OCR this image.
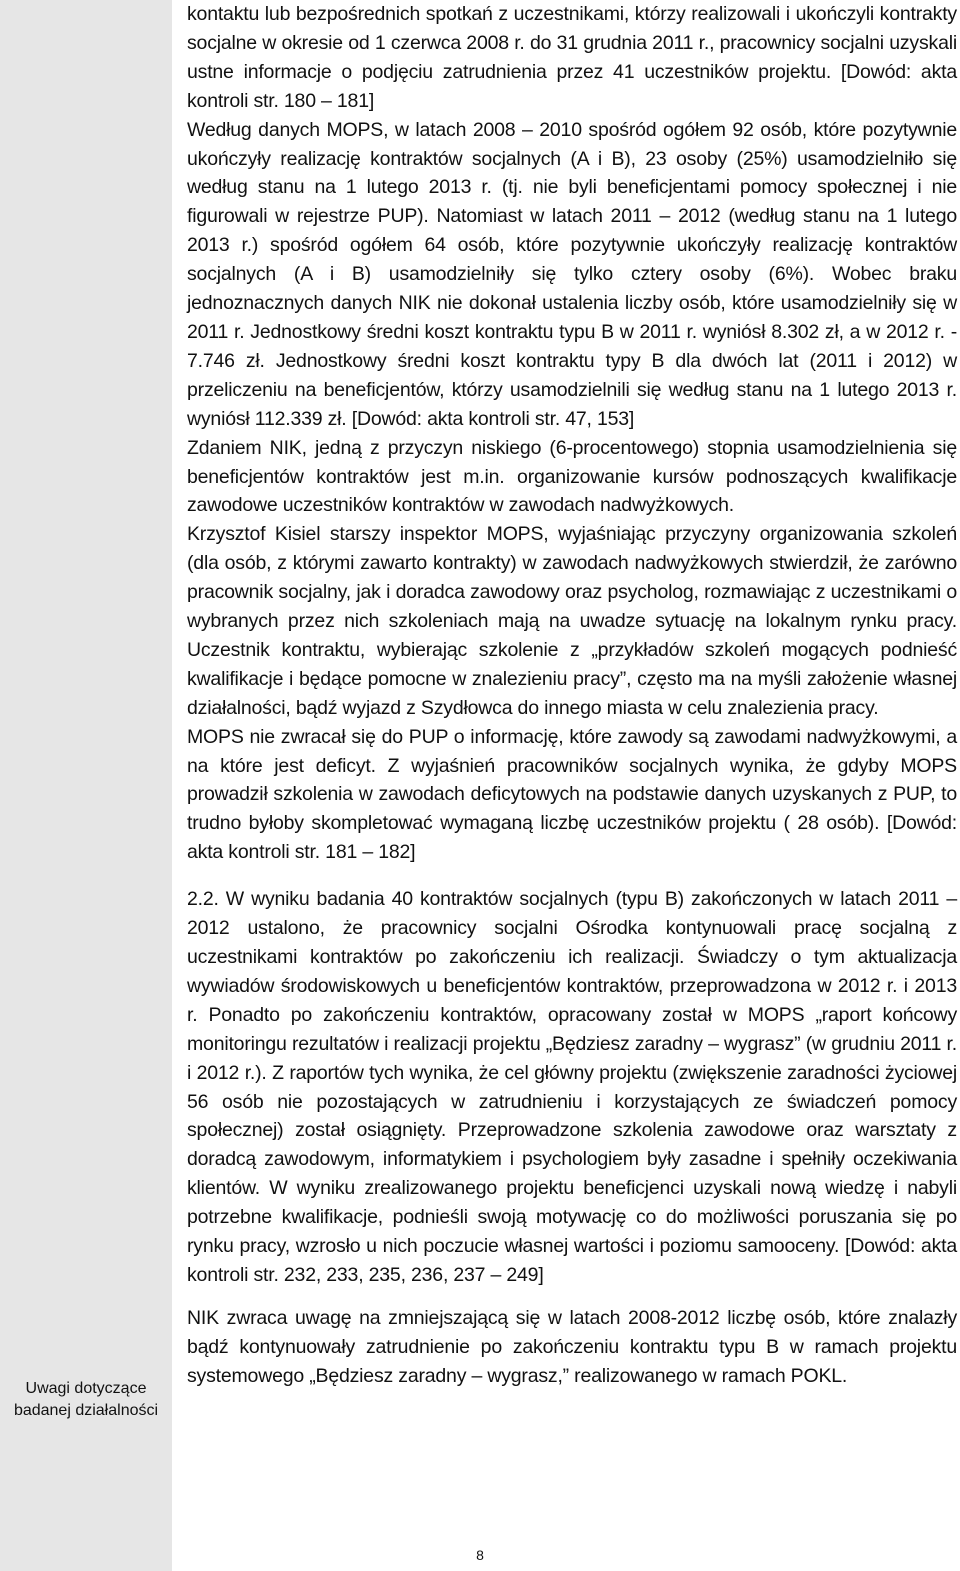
Uwagi dotyczące badanej działalności

kontaktu lub bezpośrednich spotkań z uczestnikami, którzy realizowali i ukończyli kontrakty socjalne w okresie od 1 czerwca 2008 r. do 31 grudnia 2011 r., pracownicy socjalni uzyskali ustne informacje o podjęciu zatrudnienia przez 41 uczestników projektu. [Dowód: akta kontroli str. 180 – 181]

Według danych MOPS, w latach 2008 – 2010 spośród ogółem 92 osób, które pozytywnie ukończyły realizację kontraktów socjalnych (A i B), 23 osoby (25%) usamodzielniło się według stanu na 1 lutego 2013 r. (tj. nie byli beneficjentami pomocy społecznej i nie figurowali w rejestrze PUP). Natomiast w latach 2011 – 2012 (według stanu na 1 lutego 2013 r.) spośród ogółem 64 osób, które pozytywnie ukończyły realizację kontraktów socjalnych (A i B) usamodzielniły się tylko cztery osoby (6%). Wobec braku jednoznacznych danych NIK nie dokonał ustalenia liczby osób, które usamodzielniły się w 2011 r. Jednostkowy średni koszt kontraktu typu B w 2011 r. wyniósł 8.302 zł, a w 2012 r. - 7.746 zł. Jednostkowy średni koszt kontraktu typy B dla dwóch lat (2011 i 2012) w przeliczeniu na beneficjentów, którzy usamodzielnili się według stanu na 1 lutego 2013 r. wyniósł 112.339 zł. [Dowód: akta kontroli str. 47, 153]

Zdaniem NIK, jedną z przyczyn niskiego (6-procentowego) stopnia usamodzielnienia się beneficjentów kontraktów jest m.in. organizowanie kursów podnoszących kwalifikacje zawodowe uczestników kontraktów w zawodach nadwyżkowych.

Krzysztof Kisiel starszy inspektor MOPS, wyjaśniając przyczyny organizowania szkoleń (dla osób, z którymi zawarto kontrakty) w zawodach nadwyżkowych stwierdził, że zarówno pracownik socjalny, jak i doradca zawodowy oraz psycholog, rozmawiając z uczestnikami o wybranych przez nich szkoleniach mają na uwadze sytuację na lokalnym rynku pracy. Uczestnik kontraktu, wybierając szkolenie z „przykładów szkoleń mogących podnieść kwalifikacje i będące pomocne w znalezieniu pracy”, często ma na myśli założenie własnej działalności, bądź wyjazd z Szydłowca do innego miasta w celu znalezienia pracy.

MOPS nie zwracał się do PUP o informację, które zawody są zawodami nadwyżkowymi, a na które jest deficyt. Z wyjaśnień pracowników socjalnych wynika, że gdyby MOPS prowadził szkolenia w zawodach deficytowych na podstawie danych uzyskanych z PUP, to trudno byłoby skompletować wymaganą liczbę uczestników projektu ( 28 osób). [Dowód: akta kontroli str. 181 – 182]

2.2. W wyniku badania 40 kontraktów socjalnych (typu B) zakończonych w latach 2011 – 2012 ustalono, że pracownicy socjalni Ośrodka kontynuowali pracę socjalną z uczestnikami kontraktów po zakończeniu ich realizacji. Świadczy o tym aktualizacja wywiadów środowiskowych u beneficjentów kontraktów, przeprowadzona w 2012 r. i 2013 r. Ponadto po zakończeniu kontraktów, opracowany został w MOPS „raport końcowy monitoringu rezultatów i realizacji projektu „Będziesz zaradny – wygrasz” (w grudniu 2011 r. i 2012 r.). Z raportów tych wynika, że cel główny projektu (zwiększenie zaradności życiowej 56 osób nie pozostających w zatrudnieniu i korzystających ze świadczeń pomocy społecznej) został osiągnięty. Przeprowadzone szkolenia zawodowe oraz warsztaty z doradcą zawodowym, informatykiem i psychologiem były zasadne i spełniły oczekiwania klientów. W wyniku zrealizowanego projektu beneficjenci uzyskali nową wiedzę i nabyli potrzebne kwalifikacje, podnieśli swoją motywację co do możliwości poruszania się po rynku pracy, wzrosło u nich poczucie własnej wartości i poziomu samooceny. [Dowód: akta kontroli str. 232, 233, 235, 236, 237 – 249]

NIK zwraca uwagę na zmniejszającą się w latach 2008-2012 liczbę osób, które znalazły bądź kontynuowały zatrudnienie po zakończeniu kontraktu typu B w ramach projektu systemowego „Będziesz zaradny – wygrasz,” realizowanego w ramach POKL.

8
